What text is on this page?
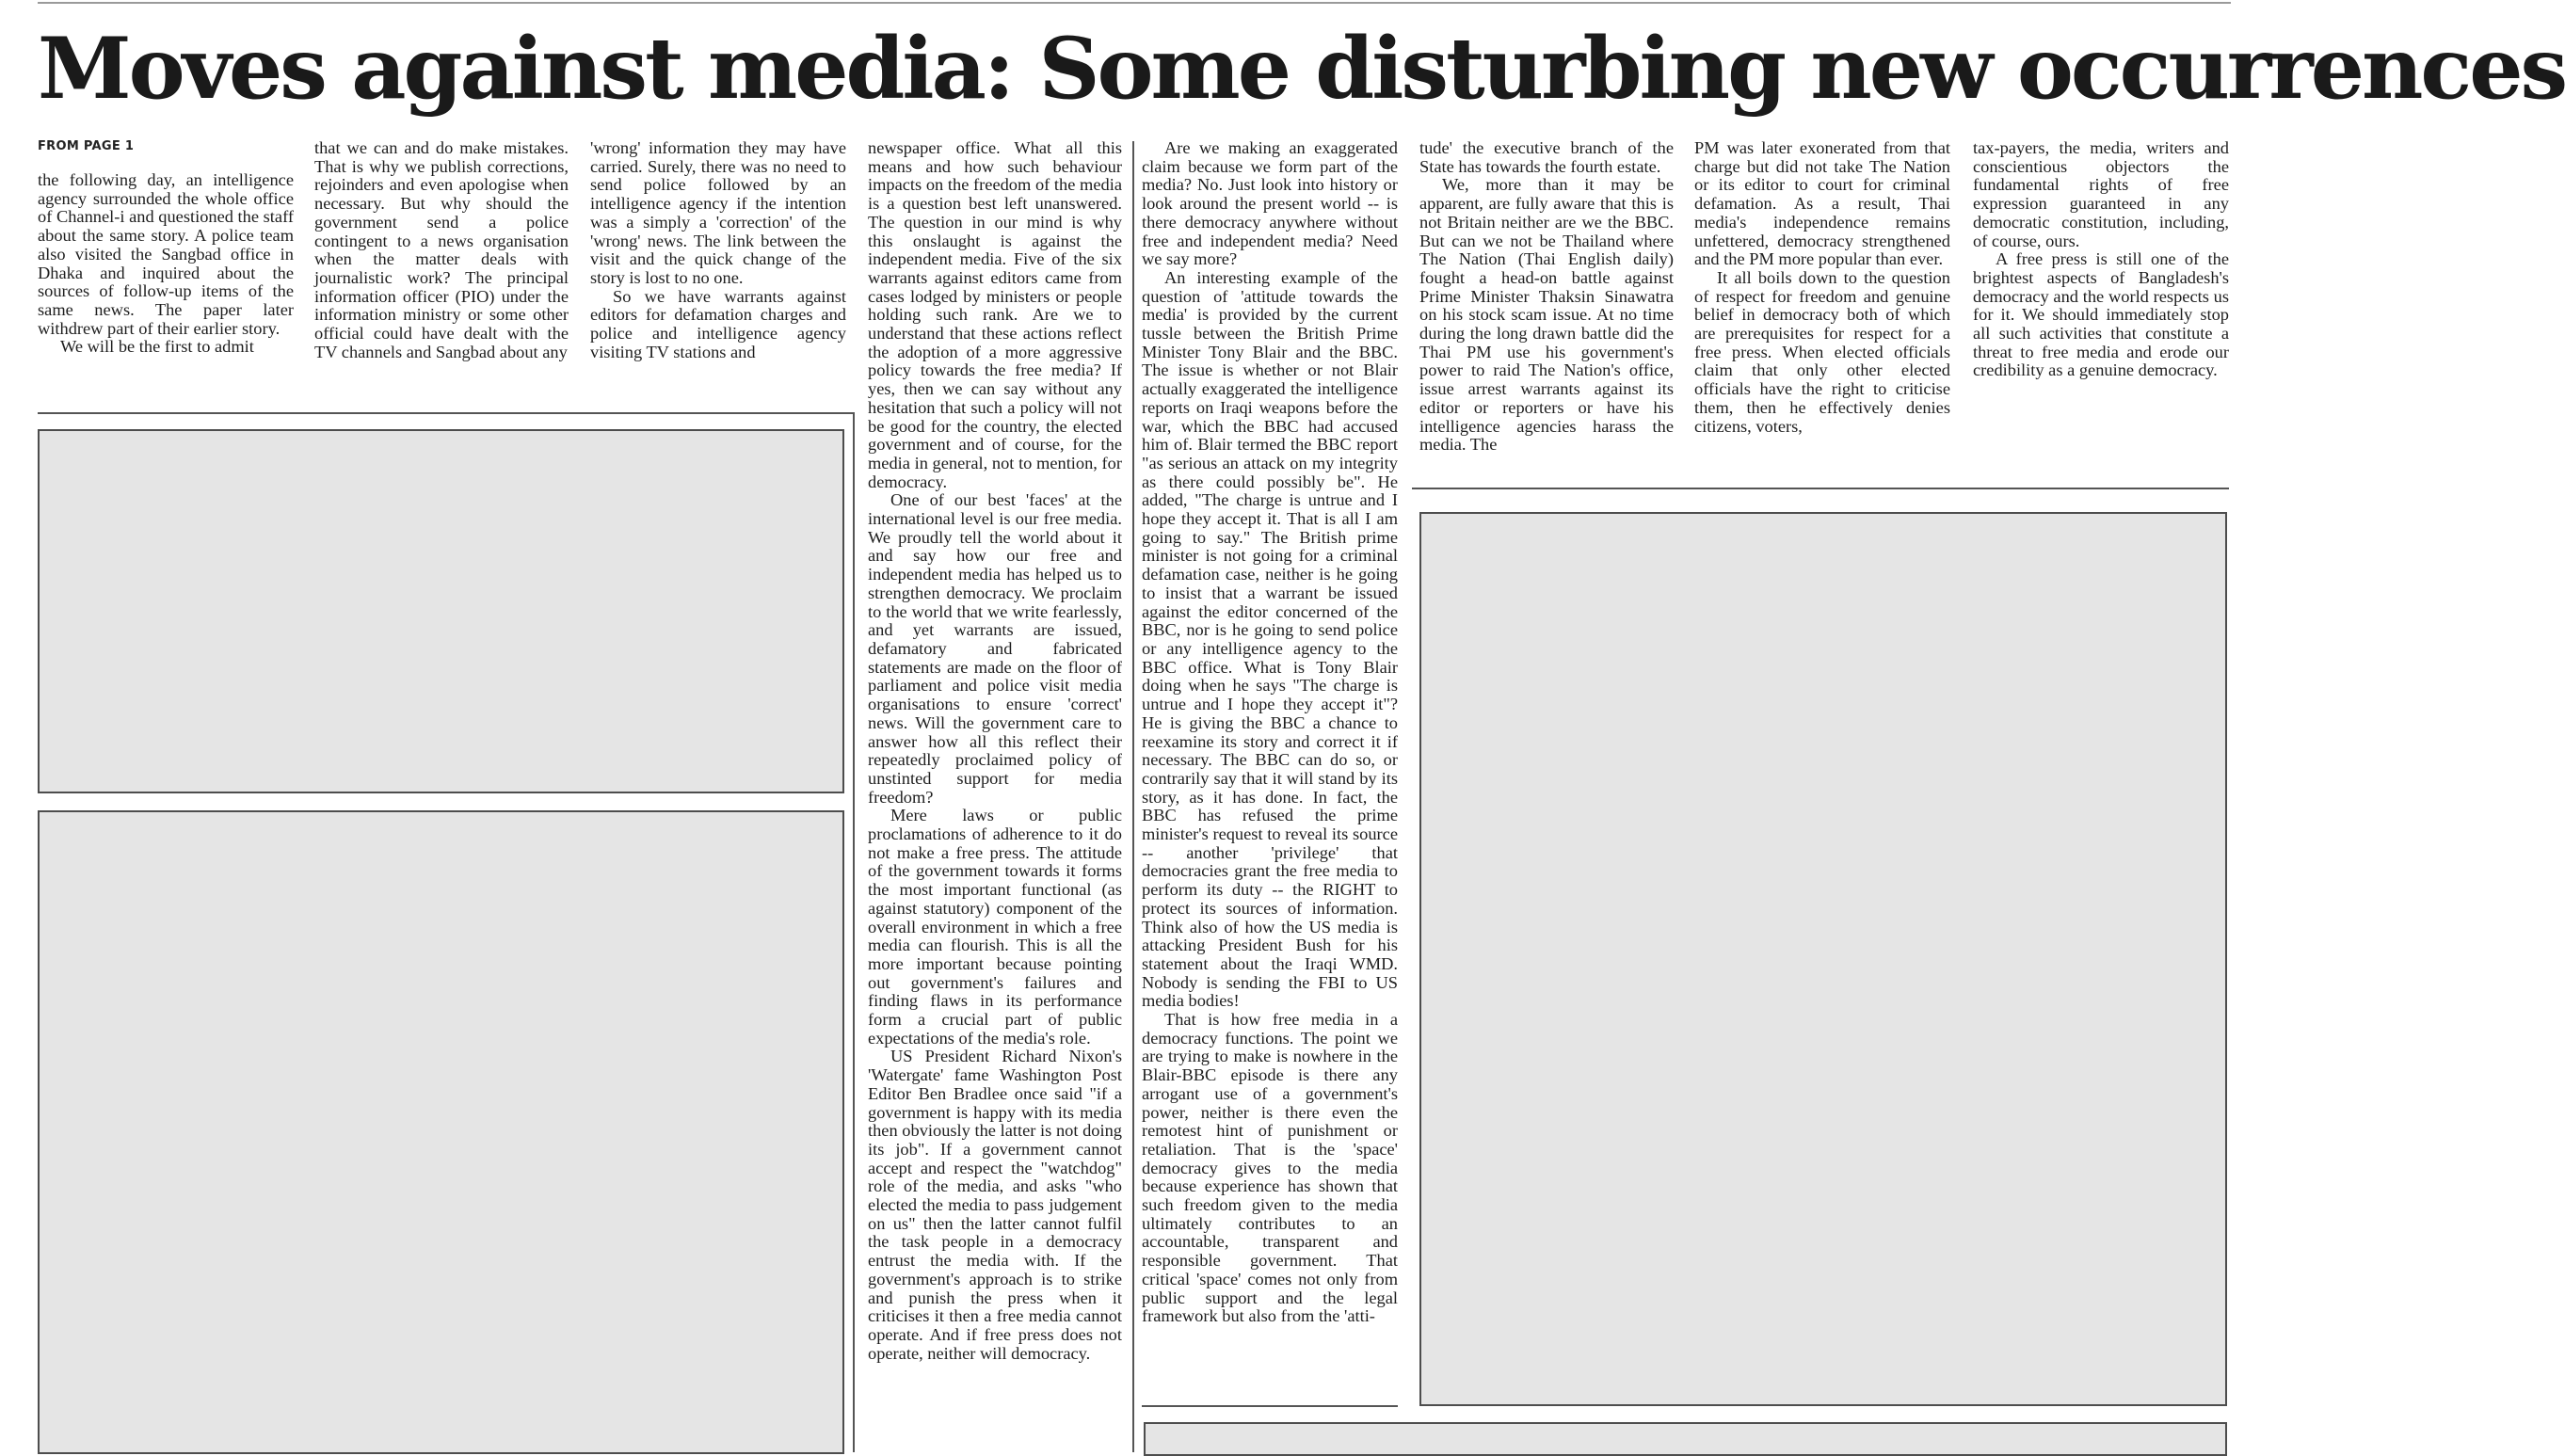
Moves against media: Some disturbing new occurrences
FROM PAGE 1

the following day, an intelligence agency surrounded the whole office of Channel-i and questioned the staff about the same story. A police team also visited the Sangbad office in Dhaka and inquired about the sources of follow-up items of the same news. The paper later withdrew part of their earlier story.

We will be the first to admit

that we can and do make mistakes. That is why we publish corrections, rejoinders and even apologise when necessary. But why should the government send a police contingent to a news organisation when the matter deals with journalistic work? The principal information officer (PIO) under the information ministry or some other official could have dealt with the TV channels and Sangbad about any

'wrong' information they may have carried. Surely, there was no need to send police followed by an intelligence agency if the intention was a simply a 'correction' of the 'wrong' news. The link between the visit and the quick change of the story is lost to no one.

So we have warrants against editors for defamation charges and police and intelligence agency visiting TV stations and

newspaper office. What all this means and how such behaviour impacts on the freedom of the media is a question best left unanswered. The question in our mind is why this onslaught is against the independent media. Five of the six warrants against editors came from cases lodged by ministers or people holding such rank. Are we to understand that these actions reflect the adoption of a more aggressive policy towards the free media? If yes, then we can say without any hesitation that such a policy will not be good for the country, the elected government and of course, for the media in general, not to mention, for democracy.

One of our best 'faces' at the international level is our free media. We proudly tell the world about it and say how our free and independent media has helped us to strengthen democracy. We proclaim to the world that we write fearlessly, and yet warrants are issued, defamatory and fabricated statements are made on the floor of parliament and police visit media organisations to ensure 'correct' news. Will the government care to answer how all this reflect their repeatedly proclaimed policy of unstinted support for media freedom?

Mere laws or public proclamations of adherence to it do not make a free press. The attitude of the government towards it forms the most important functional (as against statutory) component of the overall environment in which a free media can flourish. This is all the more important because pointing out government's failures and finding flaws in its performance form a crucial part of public expectations of the media's role.

US President Richard Nixon's 'Watergate' fame Washington Post Editor Ben Bradlee once said "if a government is happy with its media then obviously the latter is not doing its job". If a government cannot accept and respect the "watchdog" role of the media, and asks "who elected the media to pass judgement on us" then the latter cannot fulfil the task people in a democracy entrust the media with. If the government's approach is to strike and punish the press when it criticises it then a free media cannot operate. And if free press does not operate, neither will democracy.

Are we making an exaggerated claim because we form part of the media? No. Just look into history or look around the present world -- is there democracy anywhere without free and independent media? Need we say more?

An interesting example of the question of 'attitude towards the media' is provided by the current tussle between the British Prime Minister Tony Blair and the BBC. The issue is whether or not Blair actually exaggerated the intelligence reports on Iraqi weapons before the war, which the BBC had accused him of. Blair termed the BBC report "as serious an attack on my integrity as there could possibly be". He added, "The charge is untrue and I hope they accept it. That is all I am going to say." The British prime minister is not going for a criminal defamation case, neither is he going to insist that a warrant be issued against the editor concerned of the BBC, nor is he going to send police or any intelligence agency to the BBC office. What is Tony Blair doing when he says "The charge is untrue and I hope they accept it"? He is giving the BBC a chance to reexamine its story and correct it if necessary. The BBC can do so, or contrarily say that it will stand by its story, as it has done. In fact, the BBC has refused the prime minister's request to reveal its source -- another 'privilege' that democracies grant the free media to perform its duty -- the RIGHT to protect its sources of information. Think also of how the US media is attacking President Bush for his statement about the Iraqi WMD. Nobody is sending the FBI to US media bodies!

That is how free media in a democracy functions. The point we are trying to make is nowhere in the Blair-BBC episode is there any arrogant use of a government's power, neither is there even the remotest hint of punishment or retaliation. That is the 'space' democracy gives to the media because experience has shown that such freedom given to the media ultimately contributes to an accountable, transparent and responsible government. That critical 'space' comes not only from public support and the legal framework but also from the 'atti-

tude' the executive branch of the State has towards the fourth estate.

We, more than it may be apparent, are fully aware that this is not Britain neither are we the BBC. But can we not be Thailand where The Nation (Thai English daily) fought a head-on battle against Prime Minister Thaksin Sinawatra on his stock scam issue. At no time during the long drawn battle did the Thai PM use his government's power to raid The Nation's office, issue arrest warrants against its editor or reporters or have his intelligence agencies harass the media. The

PM was later exonerated from that charge but did not take The Nation or its editor to court for criminal defamation. As a result, Thai media's independence remains unfettered, democracy strengthened and the PM more popular than ever.

It all boils down to the question of respect for freedom and genuine belief in democracy both of which are prerequisites for respect for a free press. When elected officials claim that only other elected officials have the right to criticise them, then he effectively denies citizens, voters,

tax-payers, the media, writers and conscientious objectors the fundamental rights of free expression guaranteed in any democratic constitution, including, of course, ours.

A free press is still one of the brightest aspects of Bangladesh's democracy and the world respects us for it. We should immediately stop all such activities that constitute a threat to free media and erode our credibility as a genuine democracy.
